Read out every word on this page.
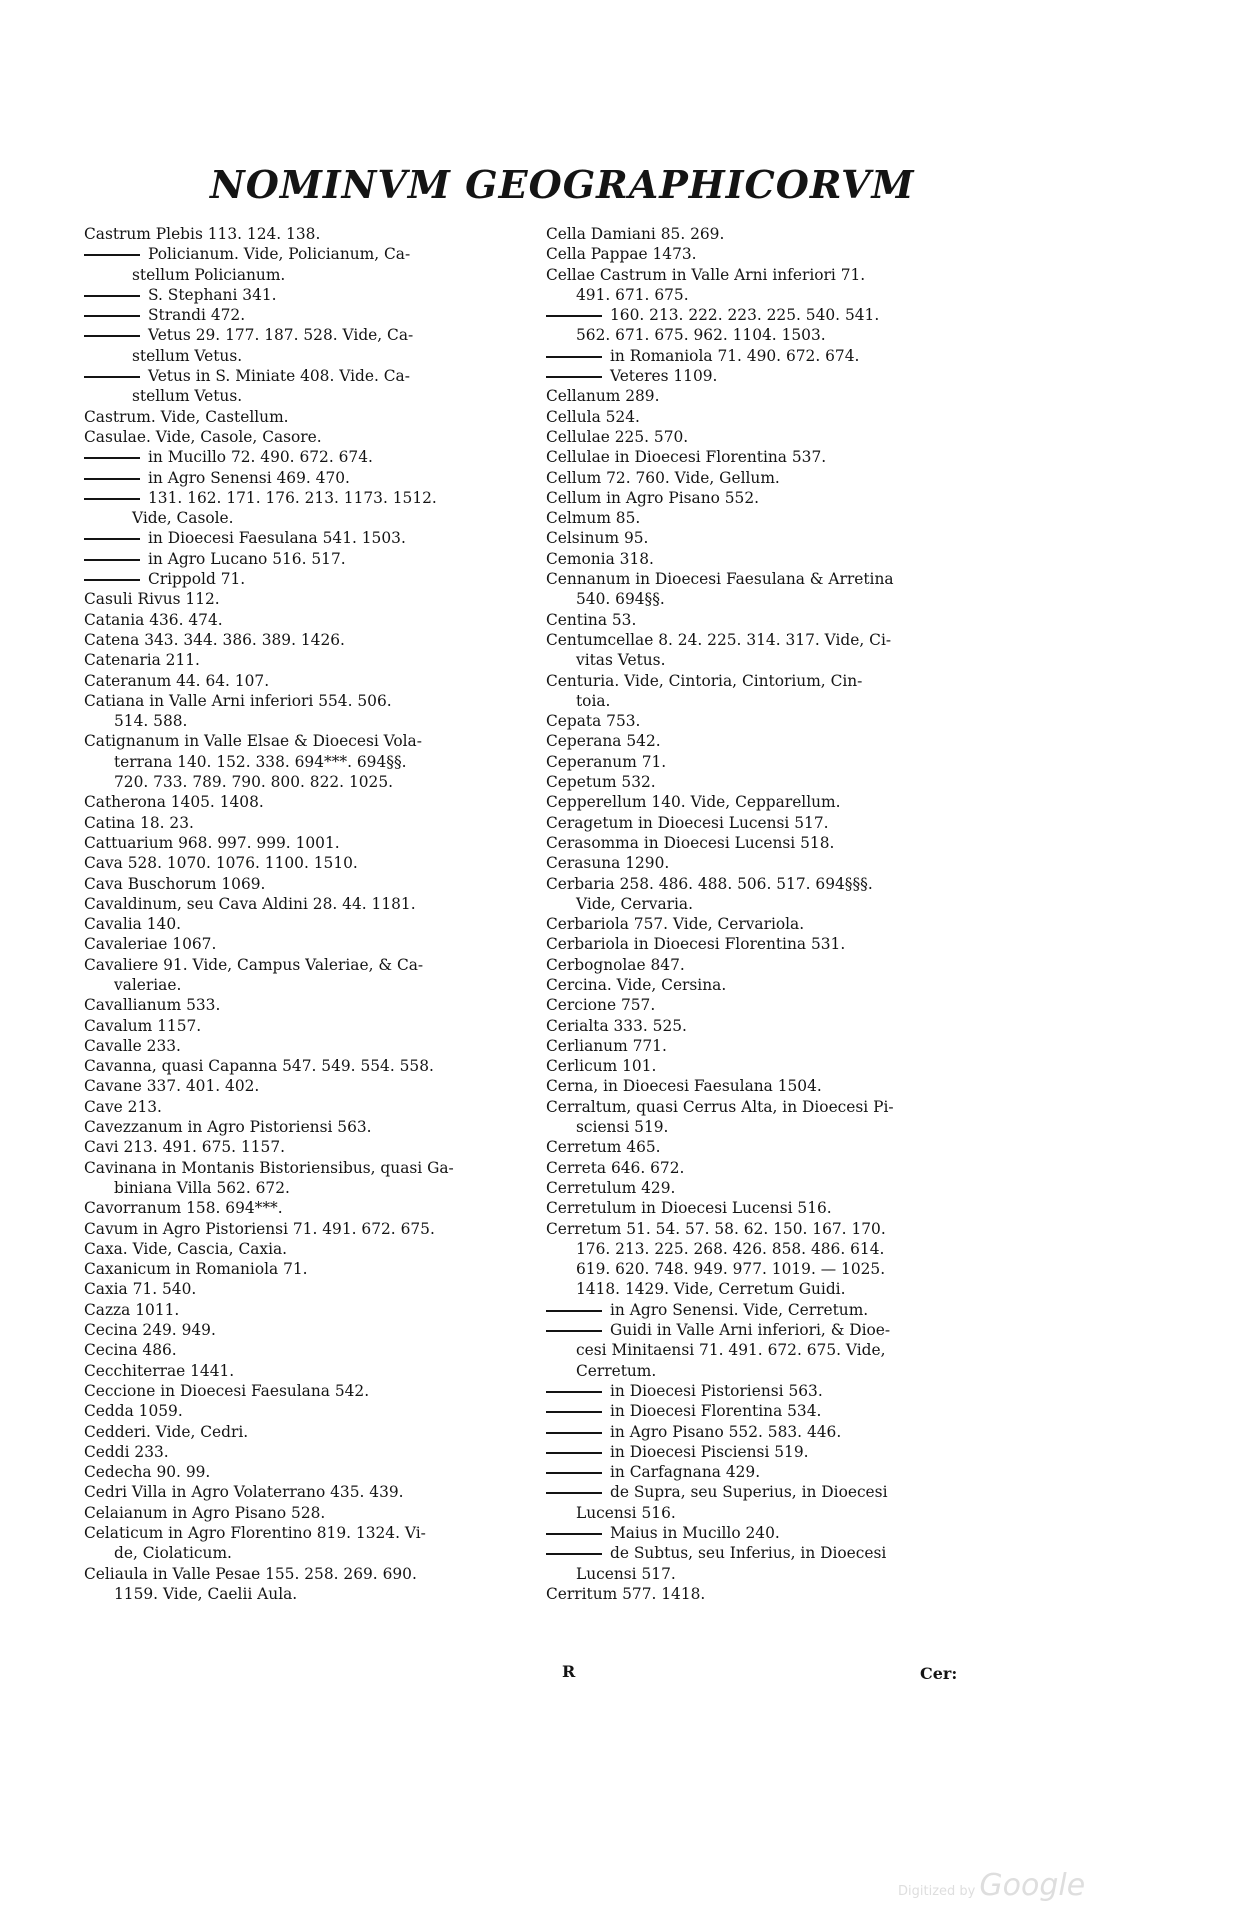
NOMINVM GEOGRAPHICORVM
Castrum Plebis 113. 124. 138.
Policianum. Vide, Policianum, Ca-
stellum Policianum.
S. Stephani 341.
Strandi 472.
Vetus 29. 177. 187. 528. Vide, Ca-
stellum Vetus.
Vetus in S. Miniate 408. Vide. Ca-
stellum Vetus.
Castrum. Vide, Castellum.
Casulae. Vide, Casole, Casore.
in Mucillo 72. 490. 672. 674.
in Agro Senensi 469. 470.
131. 162. 171. 176. 213. 1173. 1512.
Vide, Casole.
in Dioecesi Faesulana 541. 1503.
in Agro Lucano 516. 517.
Crippold 71.
Casuli Rivus 112.
Catania 436. 474.
Catena 343. 344. 386. 389. 1426.
Catenaria 211.
Cateranum 44. 64. 107.
Catiana in Valle Arni inferiori 554. 506.
514. 588.
Catignanum in Valle Elsae & Dioecesi Vola-
terrana 140. 152. 338. 694***. 694§§.
720. 733. 789. 790. 800. 822. 1025.
Catherona 1405. 1408.
Catina 18. 23.
Cattuarium 968. 997. 999. 1001.
Cava 528. 1070. 1076. 1100. 1510.
Cava Buschorum 1069.
Cavaldinum, seu Cava Aldini 28. 44. 1181.
Cavalia 140.
Cavaleriae 1067.
Cavaliere 91. Vide, Campus Valeriae, & Ca-
valeriae.
Cavallianum 533.
Cavalum 1157.
Cavalle 233.
Cavanna, quasi Capanna 547. 549. 554. 558.
Cavane 337. 401. 402.
Cave 213.
Cavezzanum in Agro Pistoriensi 563.
Cavi 213. 491. 675. 1157.
Cavinana in Montanis Bistoriensibus, quasi Ga-
biniana Villa 562. 672.
Cavorranum 158. 694***.
Cavum in Agro Pistoriensi 71. 491. 672. 675.
Caxa. Vide, Cascia, Caxia.
Caxanicum in Romaniola 71.
Caxia 71. 540.
Cazza 1011.
Cecina 249. 949.
Cecina 486.
Cecchiterrae 1441.
Ceccione in Dioecesi Faesulana 542.
Cedda 1059.
Cedderi. Vide, Cedri.
Ceddi 233.
Cedecha 90. 99.
Cedri Villa in Agro Volaterrano 435. 439.
Celaianum in Agro Pisano 528.
Celaticum in Agro Florentino 819. 1324. Vi-
de, Ciolaticum.
Celiaula in Valle Pesae 155. 258. 269. 690.
1159. Vide, Caelii Aula.
Cella Damiani 85. 269.
Cella Pappae 1473.
Cellae Castrum in Valle Arni inferiori 71.
491. 671. 675.
160. 213. 222. 223. 225. 540. 541.
562. 671. 675. 962. 1104. 1503.
in Romaniola 71. 490. 672. 674.
Veteres 1109.
Cellanum 289.
Cellula 524.
Cellulae 225. 570.
Cellulae in Dioecesi Florentina 537.
Cellum 72. 760. Vide, Gellum.
Cellum in Agro Pisano 552.
Celmum 85.
Celsinum 95.
Cemonia 318.
Cennanum in Dioecesi Faesulana & Arretina
540. 694§§.
Centina 53.
Centumcellae 8. 24. 225. 314. 317. Vide, Ci-
vitas Vetus.
Centuria. Vide, Cintoria, Cintorium, Cin-
toia.
Cepata 753.
Ceperana 542.
Ceperanum 71.
Cepetum 532.
Cepperellum 140. Vide, Cepparellum.
Ceragetum in Dioecesi Lucensi 517.
Cerasomma in Dioecesi Lucensi 518.
Cerasuna 1290.
Cerbaria 258. 486. 488. 506. 517. 694§§§.
Vide, Cervaria.
Cerbariola 757. Vide, Cervariola.
Cerbariola in Dioecesi Florentina 531.
Cerbognolae 847.
Cercina. Vide, Cersina.
Cercione 757.
Cerialta 333. 525.
Cerlianum 771.
Cerlicum 101.
Cerna, in Dioecesi Faesulana 1504.
Cerraltum, quasi Cerrus Alta, in Dioecesi Pi-
sciensi 519.
Cerretum 465.
Cerreta 646. 672.
Cerretulum 429.
Cerretulum in Dioecesi Lucensi 516.
Cerretum 51. 54. 57. 58. 62. 150. 167. 170.
176. 213. 225. 268. 426. 858. 486. 614.
619. 620. 748. 949. 977. 1019. — 1025.
1418. 1429. Vide, Cerretum Guidi.
in Agro Senensi. Vide, Cerretum.
Guidi in Valle Arni inferiori, & Dioe-
cesi Minitaensi 71. 491. 672. 675. Vide,
Cerretum.
in Dioecesi Pistoriensi 563.
in Dioecesi Florentina 534.
in Agro Pisano 552. 583. 446.
in Dioecesi Pisciensi 519.
in Carfagnana 429.
de Supra, seu Superius, in Dioecesi
Lucensi 516.
Maius in Mucillo 240.
de Subtus, seu Inferius, in Dioecesi
Lucensi 517.
Cerritum 577. 1418.
R	Cer:
Digitized by Google
